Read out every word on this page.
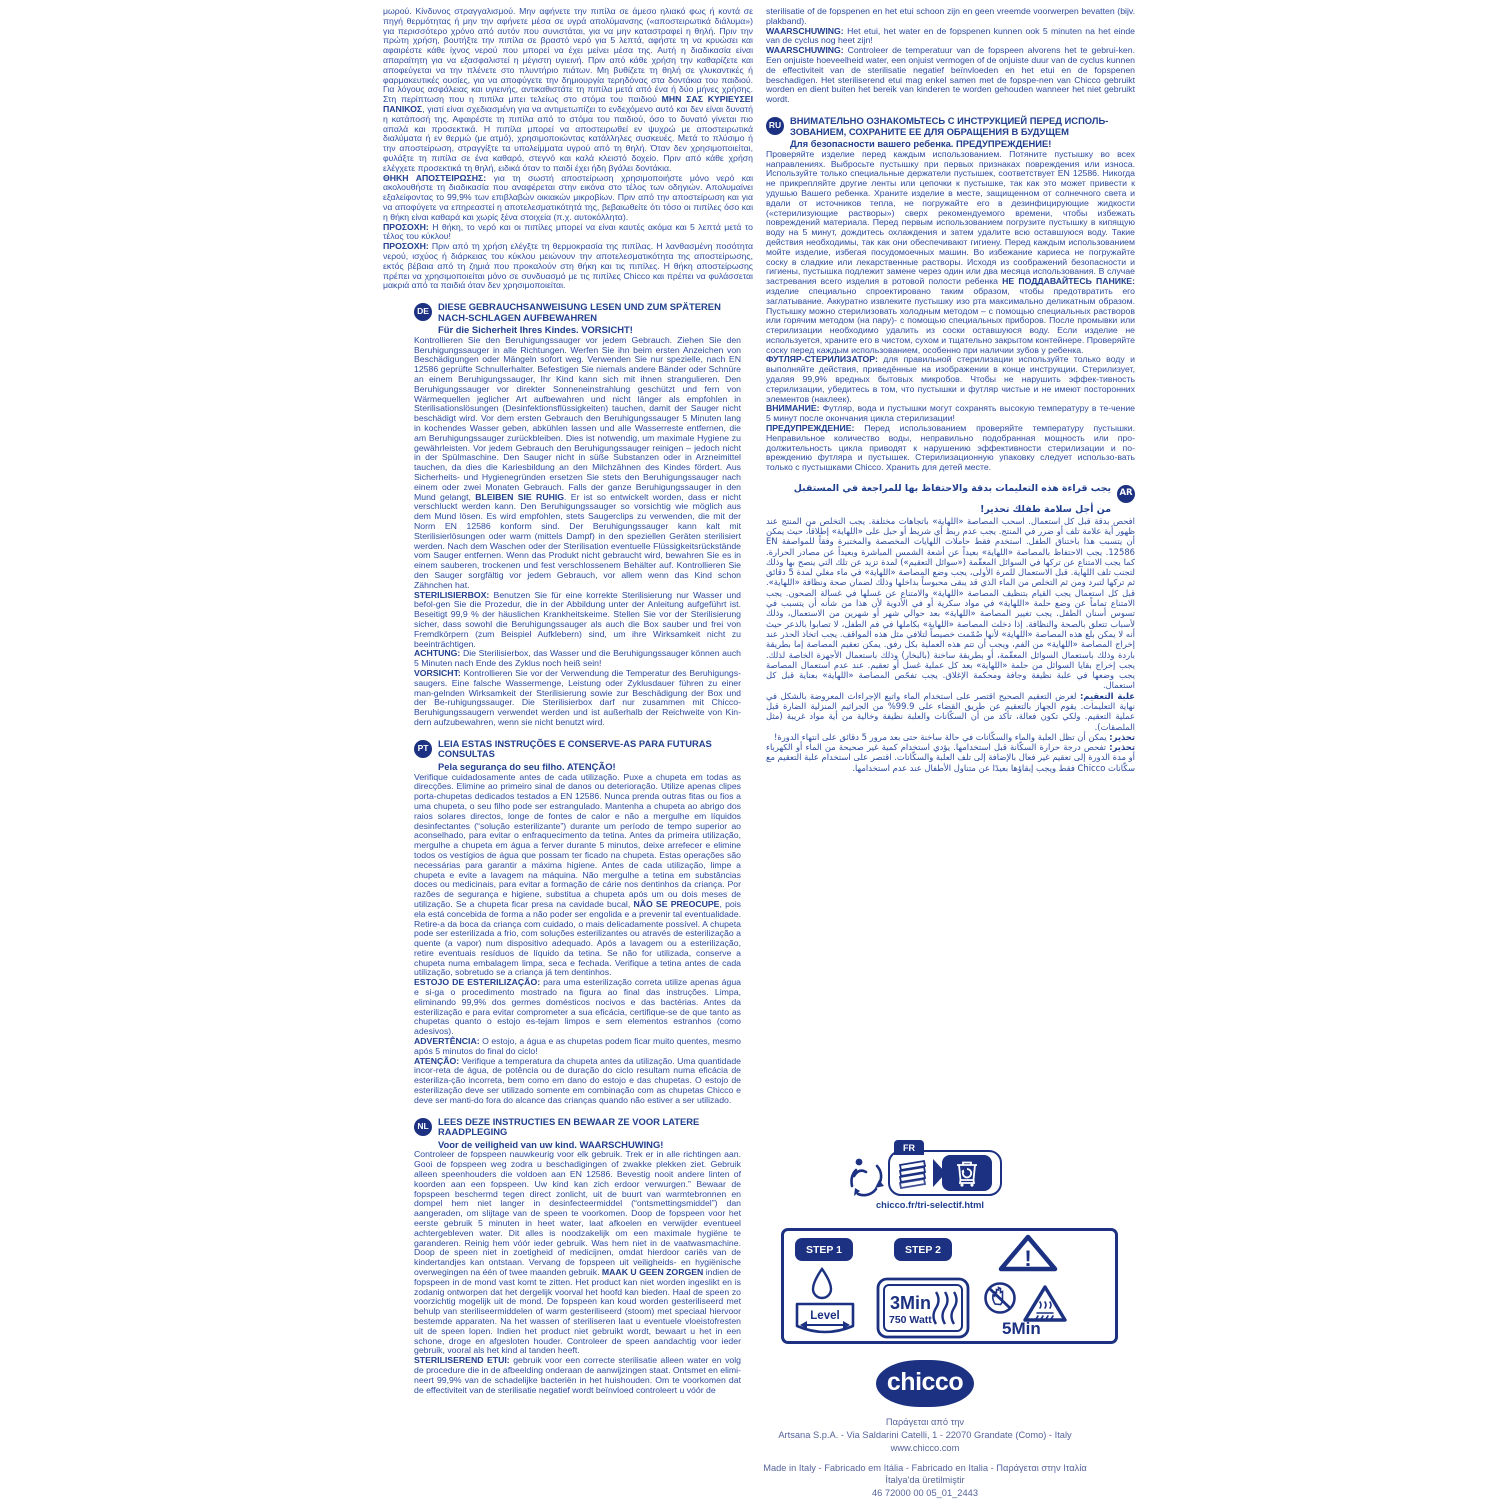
μωρού. Κίνδυνος στραγγαλισμού. Μην αφήνετε την πιπίλα σε άμεσο ηλιακό φως ή κοντά σε πηγή θερμότητας ή μην την αφήνετε μέσα σε υγρά απολύμανσης («αποστειρωτικά διάλυμα») για περισσότερο χρόνο από αυτόν που συνιστάται, για να μην καταστραφεί η θηλή. Πριν την πρώτη χρήση, βουτήξτε την πιπίλα σε βραστό νερό για 5 λεπτά, αφήστε τη να κρυώσει και αφαιρέστε κάθε ίχνος νερού που μπορεί να έχει μείνει μέσα της. Αυτή η διαδικασία είναι απαραίτητη για να εξασφαλιστεί η μέγιστη υγιεινή. Πριν από κάθε χρήση την καθαρίζετε και αποφεύγεται να την πλένετε στο πλυντήριο πιάτων. Μη βυθίζετε τη θηλή σε γλυκαντικές ή φαρμακευτικές ουσίες, για να αποφύγετε την δημιουργία τερηδόνας στα δοντάκια του παιδιού. Για λόγους ασφάλειας και υγιεινής, αντικαθιστάτε τη πιπίλα μετά από ένα ή δύο μήνες χρήσης. Στη περίπτωση που η πιπίλα μπει τελείως στο στόμα του παιδιού ΜΗΝ ΣΑΣ ΚΥΡΙΕΥΣΕΙ ΠΑΝΙΚΟΣ, γιατί είναι σχεδιασμένη για να αντιμετωπίζει το ενδεχόμενο αυτό και δεν είναι δυνατή η κατάποσή της. Αφαιρέστε τη πιπίλα από το στόμα του παιδιού, όσο το δυνατό γίνεται πιο απαλά και προσεκτικά. Η πιπίλα μπορεί να αποστειρωθεί εν ψυχρώ με αποστειρωτικά διαλύματα ή εν θερμώ (με ατμό), χρησιμοποιώντας κατάλληλες συσκευές. Μετά το πλύσιμο ή την αποστείρωση, στραγγίξτε τα υπολείμματα υγρού από τη θηλή. Όταν δεν χρησιμοποιείται, φυλάξτε τη πιπίλα σε ένα καθαρό, στεγνό και καλά κλειστό δοχείο. Πριν από κάθε χρήση ελέγχετε προσεκτικά τη θηλή, ειδικά όταν το παιδί έχει ήδη βγάλει δοντάκια.

ΘΗΚΗ ΑΠΟΣΤΕΙΡΩΣΗΣ: για τη σωστή αποστείρωση χρησιμοποιήστε μόνο νερό και ακολουθήστε τη διαδικασία που αναφέρεται στην εικόνα στο τέλος των οδηγιών. Απολυμαίνει εξαλείφοντας το 99,9% των επιβλαβών οικιακών μικροβίων. Πριν από την αποστείρωση και για να αποφύγετε να επηρεαστεί η αποτελεσματικότητά της, βεβαιωθείτε ότι τόσο οι πιπίλες όσο και η θήκη είναι καθαρά και χωρίς ξένα στοιχεία (π.χ. αυτοκόλλητα).

ΠΡΟΣΟΧΗ: Η θήκη, το νερό και οι πιπίλες μπορεί να είναι καυτές ακόμα και 5 λεπτά μετά το τέλος του κύκλου!

ΠΡΟΣΟΧΗ: Πριν από τη χρήση ελέγξτε τη θερμοκρασία της πιπίλας. Η λανθασμένη ποσότητα νερού, ισχύος ή διάρκειας του κύκλου μειώνουν την αποτελεσματικότητα της αποστείρωσης, εκτός βέβαια από τη ζημιά που προκαλούν στη θήκη και τις πιπίλες. Η θήκη αποστείρωσης πρέπει να χρησιμοποιείται μόνο σε συνδυασμό με τις πιπίλες Chicco και πρέπει να φυλάσσεται μακριά από τα παιδιά όταν δεν χρησιμοποιείται.

DE DIESE GEBRAUCHSANWEISUNG LESEN UND ZUM SPÄTEREN NACH-SCHLAGEN AUFBEWAHREN
Für die Sicherheit Ihres Kindes. VORSICHT!

Kontrollieren Sie den Beruhigungssauger vor jedem Gebrauch. Ziehen Sie den Beruhigungssauger in alle Richtungen. Werfen Sie ihn beim ersten Anzeichen von Beschädigungen oder Mängeln sofort weg. Verwenden Sie nur spezielle, nach EN 12586 geprüfte Schnullerhalter. Befestigen Sie niemals andere Bänder oder Schnüre an einem Beruhigungssauger, Ihr Kind kann sich mit ihnen strangulieren. Den Beruhigungssauger vor direkter Sonneneinstrahlung geschützt und fern von Wärmequellen jeglicher Art aufbewahren und nicht länger als empfohlen in Sterilisationslösungen (Desinfektionsflüssigkeiten) tauchen, damit der Sauger nicht beschädigt wird. Vor dem ersten Gebrauch den Beruhigungssauger 5 Minuten lang in kochendes Wasser geben, abkühlen lassen und alle Wasserreste entfernen, die am Beruhigungssauger zurückbleiben. Dies ist notwendig, um maximale Hygiene zu gewährleisten. Vor jedem Gebrauch den Beruhigungssauger reinigen – jedoch nicht in der Spülmaschine. Den Sauger nicht in süße Substanzen oder in Arzneimittel tauchen, da dies die Kariesbildung an den Milchzähnen des Kindes fördert. Aus Sicherheits- und Hygienegründen ersetzen Sie stets den Beruhigungssauger nach einem oder zwei Monaten Gebrauch. Falls der ganze Beruhigungssauger in den Mund gelangt, BLEIBEN SIE RUHIG. Er ist so entwickelt worden, dass er nicht verschluckt werden kann. Den Beruhigungssauger so vorsichtig wie möglich aus dem Mund lösen. Es wird empfohlen, stets Saugerclips zu verwenden, die mit der Norm EN 12586 konform sind. Der Beruhigungssauger kann kalt mit Sterilisierlösungen oder warm (mittels Dampf) in den speziellen Geräten sterilisiert werden. Nach dem Waschen oder der Sterilisation eventuelle Flüssigkeitsrückstände vom Sauger entfernen. Wenn das Produkt nicht gebraucht wird, bewahren Sie es in einem sauberen, trockenen und fest verschlossenem Behälter auf. Kontrollieren Sie den Sauger sorgfältig vor jedem Gebrauch, vor allem wenn das Kind schon Zähnchen hat.

STERILISIERBOX: Benutzen Sie für eine korrekte Sterilisierung nur Wasser und befol-gen Sie die Prozedur, die in der Abbildung unter der Anleitung aufgeführt ist. Beseitigt 99,9 % der häuslichen Krankheitskeime. Stellen Sie vor der Sterilisierung sicher, dass sowohl die Beruhigungssauger als auch die Box sauber und frei von Fremdkörpern (zum Beispiel Aufklebern) sind, um ihre Wirksamkeit nicht zu beeinträchtigen.

ACHTUNG: Die Sterilisierbox, das Wasser und die Beruhigungssauger können auch 5 Minuten nach Ende des Zyklus noch heiß sein!

VORSICHT: Kontrollieren Sie vor der Verwendung die Temperatur des Beruhigungs-saugers. Eine falsche Wassermenge, Leistung oder Zyklusdauer führen zu einer man-gelnden Wirksamkeit der Sterilisierung sowie zur Beschädigung der Box und der Be-ruhigungssauger. Die Sterilisierbox darf nur zusammen mit Chicco-Beruhigungssaugern verwendet werden und ist außerhalb der Reichweite von Kin-dern aufzubewahren, wenn sie nicht benutzt wird.

PT	LEIA ESTAS INSTRUÇÕES E CONSERVE-AS PARA FUTURAS CONSULTAS
Pela segurança do seu filho. ATENÇÃO!

Verifique cuidadosamente antes de cada utilização. Puxe a chupeta em todas as direcções. Elimine ao primeiro sinal de danos ou deterioração. Utilize apenas clipes porta-chupetas dedicados testados a EN 12586. Nunca prenda outras fitas ou fios a uma chupeta, o seu filho pode ser estrangulado. Mantenha a chupeta ao abrigo dos raios solares directos, longe de fontes de calor e não a mergulhe em líquidos desinfectantes (“solução esterilizante”) durante um período de tempo superior ao aconselhado, para evitar o enfraquecimento da tetina. Antes da primeira utilização, mergulhe a chupeta em água a ferver durante 5 minutos, deixe arrefecer e elimine todos os vestígios de água que possam ter ficado na chupeta. Estas operações são necessárias para garantir a máxima higiene. Antes de cada utilização, limpe a chupeta e evite a lavagem na máquina. Não mergulhe a tetina em substâncias doces ou medicinais, para evitar a formação de cárie nos dentinhos da criança. Por razões de segurança e higiene, substitua a chupeta após um ou dois meses de utilização. Se a chupeta ficar presa na cavidade bucal, NÃO SE PREOCUPE, pois ela está concebida de forma a não poder ser engolida e a prevenir tal eventualidade. Retire-a da boca da criança com cuidado, o mais delicadamente possível. A chupeta pode ser esterilizada a frio, com soluções esterilizantes ou através de esterilização a quente (a vapor) num dispositivo adequado. Após a lavagem ou a esterilização, retire eventuais resíduos de líquido da tetina. Se não for utilizada, conserve a chupeta numa embalagem limpa, seca e fechada. Verifique a tetina antes de cada utilização, sobretudo se a criança já tem dentinhos.

ESTOJO DE ESTERILIZAÇÃO: para uma esterilização correta utilize apenas água e si-ga o procedimento mostrado na figura ao final das instruções. Limpa, eliminando 99,9% dos germes domésticos nocivos e das bactérias. Antes da esterilização e para evitar comprometer a sua eficácia, certifique-se de que tanto as chupetas quanto o estojo es-tejam limpos e sem elementos estranhos (como adesivos).

ADVERTÊNCIA: O estojo, a água e as chupetas podem ficar muito quentes, mesmo após 5 minutos do final do ciclo!

ATENÇÃO: Verifique a temperatura da chupeta antes da utilização. Uma quantidade incor-reta de água, de potência ou de duração do ciclo resultam numa eficácia de esteriliza-ção incorreta, bem como em dano do estojo e das chupetas. O estojo de esterilização deve ser utilizado somente em combinação com as chupetas Chicco e deve ser manti-do fora do alcance das crianças quando não estiver a ser utilizado.

NL LEES DEZE INSTRUCTIES EN BEWAAR ZE VOOR LATERE RAADPLEGING
Voor de veiligheid van uw kind. WAARSCHUWING!

Controleer de fopspeen nauwkeurig voor elk gebruik. Trek er in alle richtingen aan. Gooi de fopspeen weg zodra u beschadigingen of zwakke plekken ziet. Gebruik alleen speenhouders die voldoen aan EN 12586. Bevestig nooit andere linten of koorden aan een fopspeen. Uw kind kan zich erdoor verwurgen.” Bewaar de fopspeen beschermd tegen direct zonlicht, uit de buurt van warmtebronnen en dompel hem niet langer in desinfecteermiddel (“ontsmettingsmiddel”) dan aangeraden, om slijtage van de speen te voorkomen. Doop de fopspeen voor het eerste gebruik 5 minuten in heet water, laat afkoelen en verwijder eventueel achtergebleven water. Dit alles is noodzakelijk om een maximale hygiëne te garanderen. Reinig hem vóór ieder gebruik. Was hem niet in de vaatwasmachine. Doop de speen niet in zoetigheid of medicijnen, omdat hierdoor cariës van de kindertandjes kan ontstaan. Vervang de fopspeen uit veiligheids- en hygiënische overwegingen na één of twee maanden gebruik. MAAK U GEEN ZORGEN indien de fopspeen in de mond vast komt te zitten. Het product kan niet worden ingeslikt en is zodanig ontworpen dat het dergelijk voorval het hoofd kan bieden. Haal de speen zo voorzichtig mogelijk uit de mond. De fopspeen kan koud worden gesteriliseerd met behulp van steriliseermiddelen of warm gesteriliseerd (stoom) met speciaal hiervoor bestemde apparaten. Na het wassen of steriliseren laat u eventuele vloeistofresten uit de speen lopen. Indien het product niet gebruikt wordt, bewaart u het in een schone, droge en afgesloten houder. Controleer de speen aandachtig voor ieder gebruik, vooral als het kind al tanden heeft.

STERILISEREND ETUI: gebruik voor een correcte sterilisatie alleen water en volg de procedure die in de afbeelding onderaan de aanwijzingen staat. Ontsmet en elimi-neert 99,9% van de schadelijke bacteriën in het huishouden. Om te voorkomen dat de effectiviteit van de sterilisatie negatief wordt beïnvloed controleert u vóór de

sterilisatie of de fopspenen en het etui schoon zijn en geen vreemde voorwerpen bevatten (bijv. plakband).

WAARSCHUWING: Het etui, het water en de fopspenen kunnen ook 5 minuten na het einde van de cyclus nog heet zijn!

WAARSCHUWING: Controleer de temperatuur van de fopspeen alvorens het te gebrui-ken. Een onjuiste hoeveelheid water, een onjuist vermogen of de onjuiste duur van de cyclus kunnen de effectiviteit van de sterilisatie negatief beïnvloeden en het etui en de fopspenen beschadigen. Het steriliserend etui mag enkel samen met de fopspe-nen van Chicco gebruikt worden en dient buiten het bereik van kinderen te worden gehouden wanneer het niet gebruikt wordt.

RU ВНИМАТЕЛЬНО ОЗНАКОМЬТЕСЬ С ИНСТРУКЦИЕЙ ПЕРЕД ИСПОЛЬ-ЗОВАНИЕМ, СОХРАНИТЕ ЕЕ ДЛЯ ОБРАЩЕНИЯ В БУДУЩЕМ
Для безопасности вашего ребенка. ПРЕДУПРЕЖДЕНИЕ!

Проверяйте изделие перед каждым использованием. Потяните пустышку во всех направлениях. Выбросьте пустышку при первых признаках повреждения или износа. Используйте только специальные держатели пустышек, соответствует EN 12586. Никогда не прикрепляйте другие ленты или цепочки к пустышке, так как это может привести к удушью Вашего ребенка. Храните изделие в месте, защищенном от солнечного света и вдали от источников тепла, не погружайте его в дезинфицирующие жидкости («стерилизующие растворы») сверх рекомендуемого времени, чтобы избежать повреждений материала. Перед первым использованием погрузите пустышку в кипящую воду на 5 минут, дождитесь охлаждения и затем удалите всю оставшуюся воду. Такие действия необходимы, так как они обеспечивают гигиену. Перед каждым использованием мойте изделие, избегая посудомоечных машин. Во избежание кариеса не погружайте соску в сладкие или лекарственные растворы. Исходя из соображений безопасности и гигиены, пустышка подлежит замене через один или два месяца использования. В случае застревания всего изделия в ротовой полости ребенка НЕ ПОДДАВАЙТЕСЬ ПАНИКЕ: изделие специально спроектировано таким образом, чтобы предотвратить его заглатывание. Аккуратно извлеките пустышку изо рта максимально деликатным образом. Пустышку можно стерилизовать холодным методом – с помощью специальных растворов или горячим методом (на пару)- с помощью специальных приборов. После промывки или стерилизации необходимо удалить из соски оставшуюся воду. Если изделие не используется, храните его в чистом, сухом и тщательно закрытом контейнере. Проверяйте соску перед каждым использованием, особенно при наличии зубов у ребенка.

ФУТЛЯР-СТЕРИЛИЗАТОР: для правильной стерилизации используйте только воду и выполняйте действия, приведённые на изображении в конце инструкции. Стерилизует, удаляя 99,9% вредных бытовых микробов. Чтобы не нарушить эффек-тивность стерилизации, убедитесь в том, что пустышки и футляр чистые и не имеют посторонних элементов (наклеек).

ВНИМАНИЕ: Футляр, вода и пустышки могут сохранять высокую температуру в те-чение 5 минут после окончания цикла стерилизации!

ПРЕДУПРЕЖДЕНИЕ: Перед использованием проверяйте температуру пустышки. Неправильное количество воды, неправильно подобранная мощность или про-должительность цикла приводят к нарушению эффективности стерилизации и по-вреждению футляра и пустышек. Стерилизационную упаковку следует использо-вать только с пустышками Chicco. Хранить для детей месте.

AR
يجب قراءة هذه التعليمات بدقة والاحتفاظ بها للمراجعة في المستقبل
من أجل سلامة طفلك تحذير!

افحص بدقة قبل كل استعمال. اسحب المصاصة «اللهاية» باتجاهات مختلفة. يجب التخلص من المنتج عند ظهور أية علامة تلف أو ضرر في المنتج. يجب عدم ربط أي شريط أو حبل على «اللهاية» إطلاقاً، حيث يمكن أن يتسبب هذا باختناق الطفل. استخدم فقط حاملات اللهايات المخصصة والمختبرة وفقاً للمواصفة EN 12586. يجب الاحتفاظ بالمصاصة «اللهاية» بعيداً عن أشعة الشمس المباشرة وبعيداً عن مصادر الحرارة. كما يجب الامتناع عن تركها في السوائل المعقّمة («سوائل التعقيم») لمدة تزيد عن تلك التي ينصح بها وذلك لتجنب تلف اللهاية. قبل الاستعمال للمرة الأولى، يجب وضع المصاصة «اللهاية» في ماء مغلي لمدة 5 دقائق ثم تركها لتبرد ومن ثم التخلص من الماء الذي قد يبقى محبوساً بداخلها وذلك لضمان صحة ونظافة «اللهاية». قبل كل استعمال يجب القيام بتنظيف المصاصة «اللهاية» والامتناع عن غسلها في غسالة الصحون. يجب الامتناع تماماً عن وضع حلمة «اللهاية» في مواد سكرية أو في الأدوية لأن هذا من شأنه أن يتسبب في تسوس أسنان الطفل. يجب تغيير المصاصة «اللهاية» بعد حوالي شهر أو شهرين من الاستعمال، وذلك لأسباب تتعلق بالصحة والنظافة. إذا دخلت المصاصة «اللهاية» بكاملها في فم الطفل، لا تصابوا بالذعر حيث أنه لا يمكن بلع هذه المصاصة «اللهاية» لأنها صُمّمت خصيصاً لتلافي مثل هذه المواقف. يجب اتخاذ الحذر عند إخراج المصاصة «اللهاية» من الفم، ويجب أن تتم هذه العملية بكل رفق. يمكن تعقيم المصاصة إما بطريقة باردة وذلك باستعمال السوائل المعقّمة، أو بطريقة ساخنة (بالبخار) وذلك باستعمال الأجهزة الخاصة لذلك. يجب إخراج بقايا السوائل من حلمة «اللهاية» بعد كل عملية غسل أو تعقيم. عند عدم استعمال المصاصة يجب وضعها في علبة نظيفة وجافة ومحكمة الإغلاق. يجب تفحّص المصاصة «اللهاية» بعناية قبل كل استعمال.

علبة التعقيم: لغرض التعقيم الصحيح اقتصر على استخدام الماء واتبع الإجراءات المعروضة بالشكل في نهاية التعليمات. يقوم الجهاز بالتعقيم عن طريق القضاء على 99.9% من الجراثيم المنزلية الضارة قبل عملية التعقيم. ولكي تكون فعالة، تأكد من أن السكّانات والعلبة نظيفة وخالية من أية مواد غريبة (مثل الملصقات).

تحذير: يمكن أن تظل العلبة والماء والسكّانات في حالة ساخنة حتى بعد مرور 5 دقائق على انتهاء الدورة!

تحذير: تفحص درجة حرارة السكّانة قبل استخدامها. يؤدي استخدام كمية غير صحيحة من الماء أو الكهرباء أو مدة الدورة إلى تعقيم غير فعال بالإضافة إلى تلف العلبة والسكّانات. اقتصر على استخدام علبة التعقيم مع سكّانات Chicco فقط ويجب إبقاؤها بعيدًا عن متناول الأطفال عند عدم استخدامها.

FR
chicco.fr/tri-selectif.html
STEP 1	STEP 2	!
Level
3Min
750 Watt	5Min
chicco
Παράγεται από την
Artsana S.p.A. - Via Saldarini Catelli, 1 - 22070 Grandate (Como) - Italy
www.chicco.com
Made in Italy - Fabricado em Itália - Fabricado en Italia - Παράγεται στην Ιταλία
İtalya'da üretilmiştir
46 72000 00 05_01_2443
